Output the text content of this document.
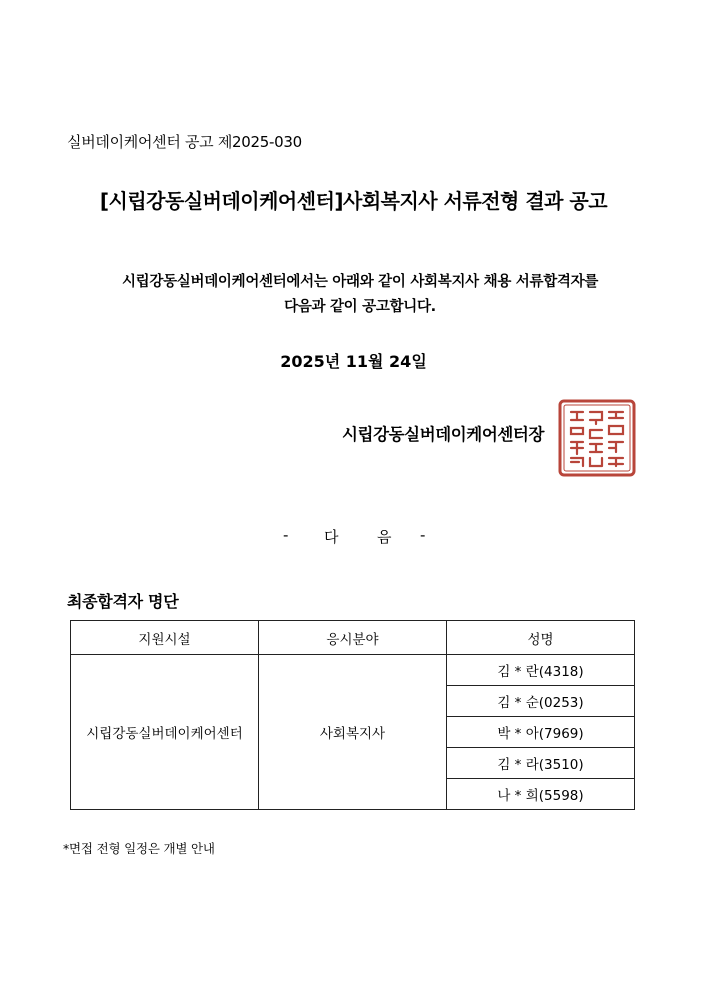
실버데이케어센터 공고 제2025-030
[시립강동실버데이케어센터]사회복지사 서류전형 결과 공고
시립강동실버데이케어센터에서는 아래와 같이 사회복지사 채용 서류합격자를
다음과 같이 공고합니다.
2025년 11월 24일
시립강동실버데이케어센터장
- 다	음 -
최종합격자 명단
지원시설	응시분야	성명
시립강동실버데이케어센터	사회복지사	김 * 란(4318)
		김 * 순(0253)
		박 * 아(7969)
		김 * 라(3510)
		나 * 희(5598)
*면접 전형 일정은 개별 안내
